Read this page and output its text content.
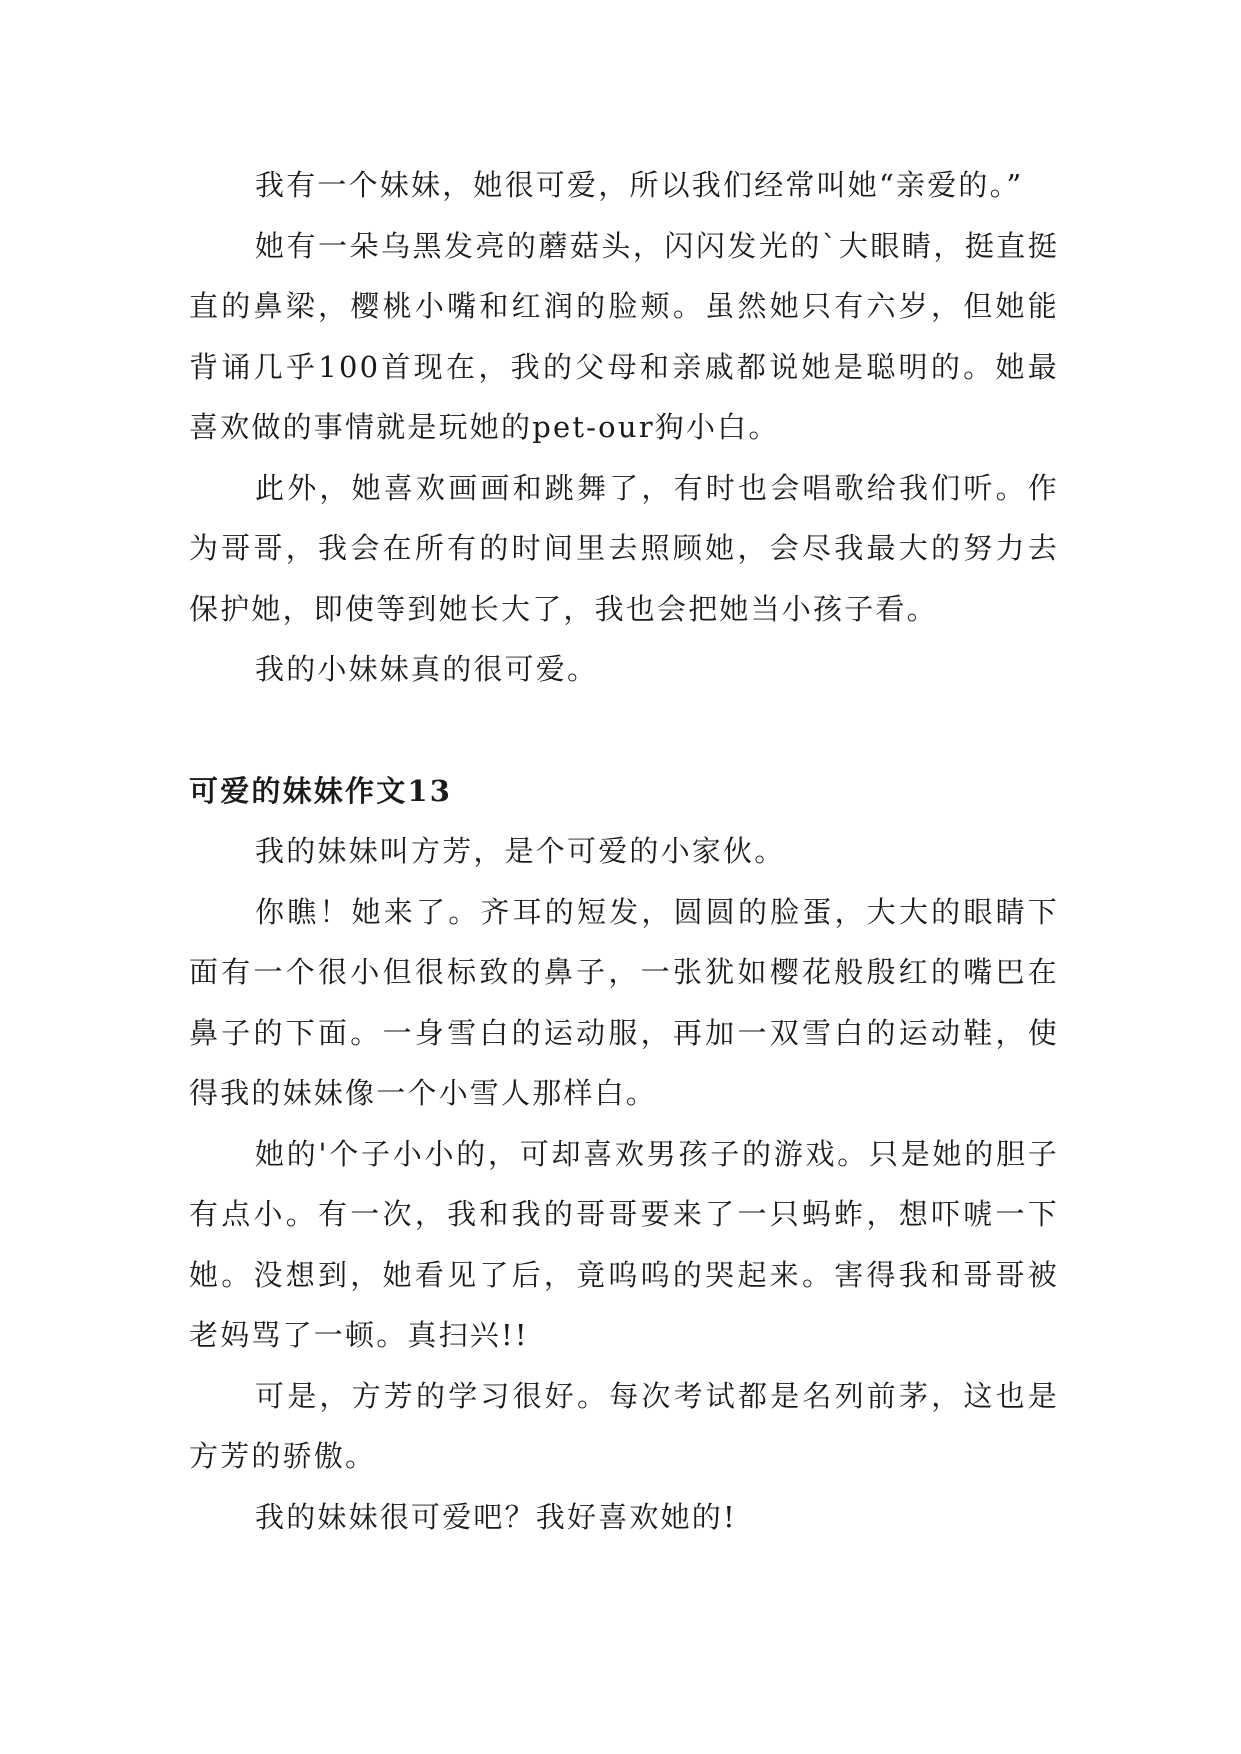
我有一个妹妹，她很可爱，所以我们经常叫她“亲爱的。”

她有一朵乌黑发亮的蘑菇头，闪闪发光的`大眼睛，挺直挺直的鼻梁，樱桃小嘴和红润的脸颊。虽然她只有六岁，但她能背诵几乎100首现在，我的父母和亲戚都说她是聪明的。她最喜欢做的事情就是玩她的pet-our狗小白。

此外，她喜欢画画和跳舞了，有时也会唱歌给我们听。作为哥哥，我会在所有的时间里去照顾她，会尽我最大的努力去保护她，即使等到她长大了，我也会把她当小孩子看。

我的小妹妹真的很可爱。

可爱的妹妹作文13

我的妹妹叫方芳，是个可爱的小家伙。

你瞧！她来了。齐耳的短发，圆圆的脸蛋，大大的眼睛下面有一个很小但很标致的鼻子，一张犹如樱花般殷红的嘴巴在鼻子的下面。一身雪白的运动服，再加一双雪白的运动鞋，使得我的妹妹像一个小雪人那样白。

她的'个子小小的，可却喜欢男孩子的游戏。只是她的胆子有点小。有一次，我和我的哥哥要来了一只蚂蚱，想吓唬一下她。没想到，她看见了后，竟呜呜的哭起来。害得我和哥哥被老妈骂了一顿。真扫兴!!

可是，方芳的学习很好。每次考试都是名列前茅，这也是方芳的骄傲。

我的妹妹很可爱吧？我好喜欢她的!
